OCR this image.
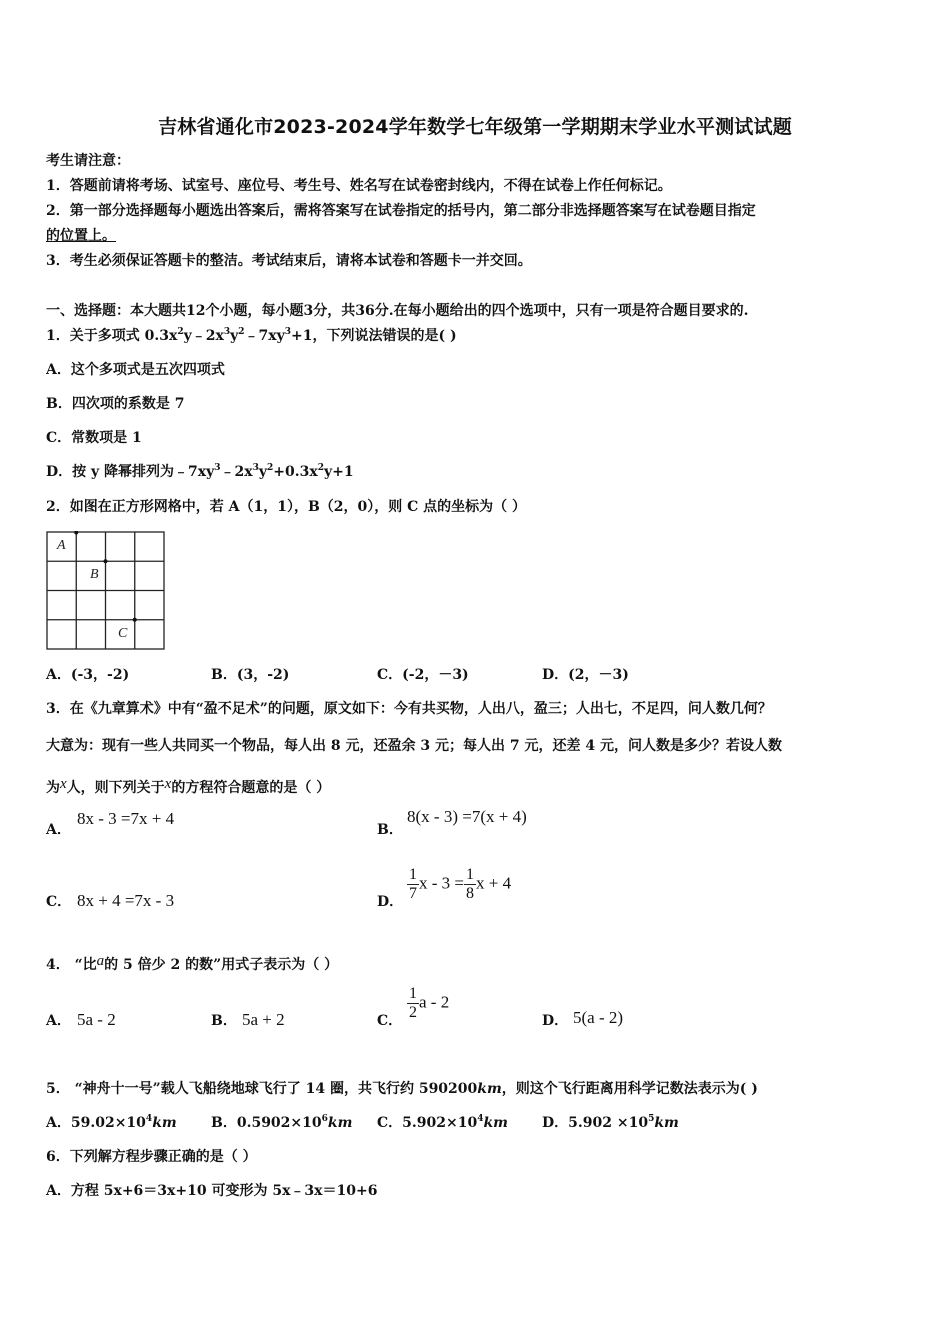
吉林省通化市2023-2024学年数学七年级第一学期期末学业水平测试试题
考生请注意：
1．答题前请将考场、试室号、座位号、考生号、姓名写在试卷密封线内，不得在试卷上作任何标记。
2．第一部分选择题每小题选出答案后，需将答案写在试卷指定的括号内，第二部分非选择题答案写在试卷题目指定
的位置上。
3．考生必须保证答题卡的整洁。考试结束后，请将本试卷和答题卡一并交回。
一、选择题：本大题共12个小题，每小题3分，共36分.在每小题给出的四个选项中，只有一项是符合题目要求的.
1．关于多项式 $0.3x^2y﹣2x^3y^2﹣7xy^3+1$，下列说法错误的是( )
A．这个多项式是五次四项式
B．四次项的系数是 7
C．常数项是 1
D．按 y 降幂排列为$﹣7xy^3﹣2x^3y^2+0.3x^2y+1$
2．如图在正方形网格中，若 A（1，1），B（2，0），则 C 点的坐标为（ ）
A
B
C
A．(-3，-2)	B．(3，-2)	C．(-2，－3)	D．(2，－3)
3．在《九章算术》中有“盈不足术”的问题，原文如下：今有共买物，人出八，盈三；人出七，不足四，问人数几何？
大意为：现有一些人共同买一个物品，每人出 8 元，还盈余 3 元；每人出 7 元，还差 4 元，问人数是多少？若设人数
为x人，则下列关于x的方程符合题意的是（ ）
A．
8x - 3 =7x + 4
B．
8(x - 3) =7(x + 4)
C． 8x + 4 =7x - 3	D． $\frac{1}{7}$ $x - 3 = \frac{1}{8}$ x + 4
4． “比a的 5 倍少 2 的数”用式子表示为（ ）
A． 5a - 2	B． 5a + 2	C． $\frac{1}{2}$ a - 2
D． 5(a - 2)
5． “神舟十一号”载人飞船绕地球飞行了 14 圈，共飞行约 590200km，则这个飞行距离用科学记数法表示为( )
A．$59.02\times 10^4km$ B．$0.5902\times 10^6km$ C．$5.902\times 10^4km$ D．$5.902 \times 10^5km$
6．下列解方程步骤正确的是（ ）
A．方程 5x+6＝3x+10 可变形为 5x﹣3x＝10+6
